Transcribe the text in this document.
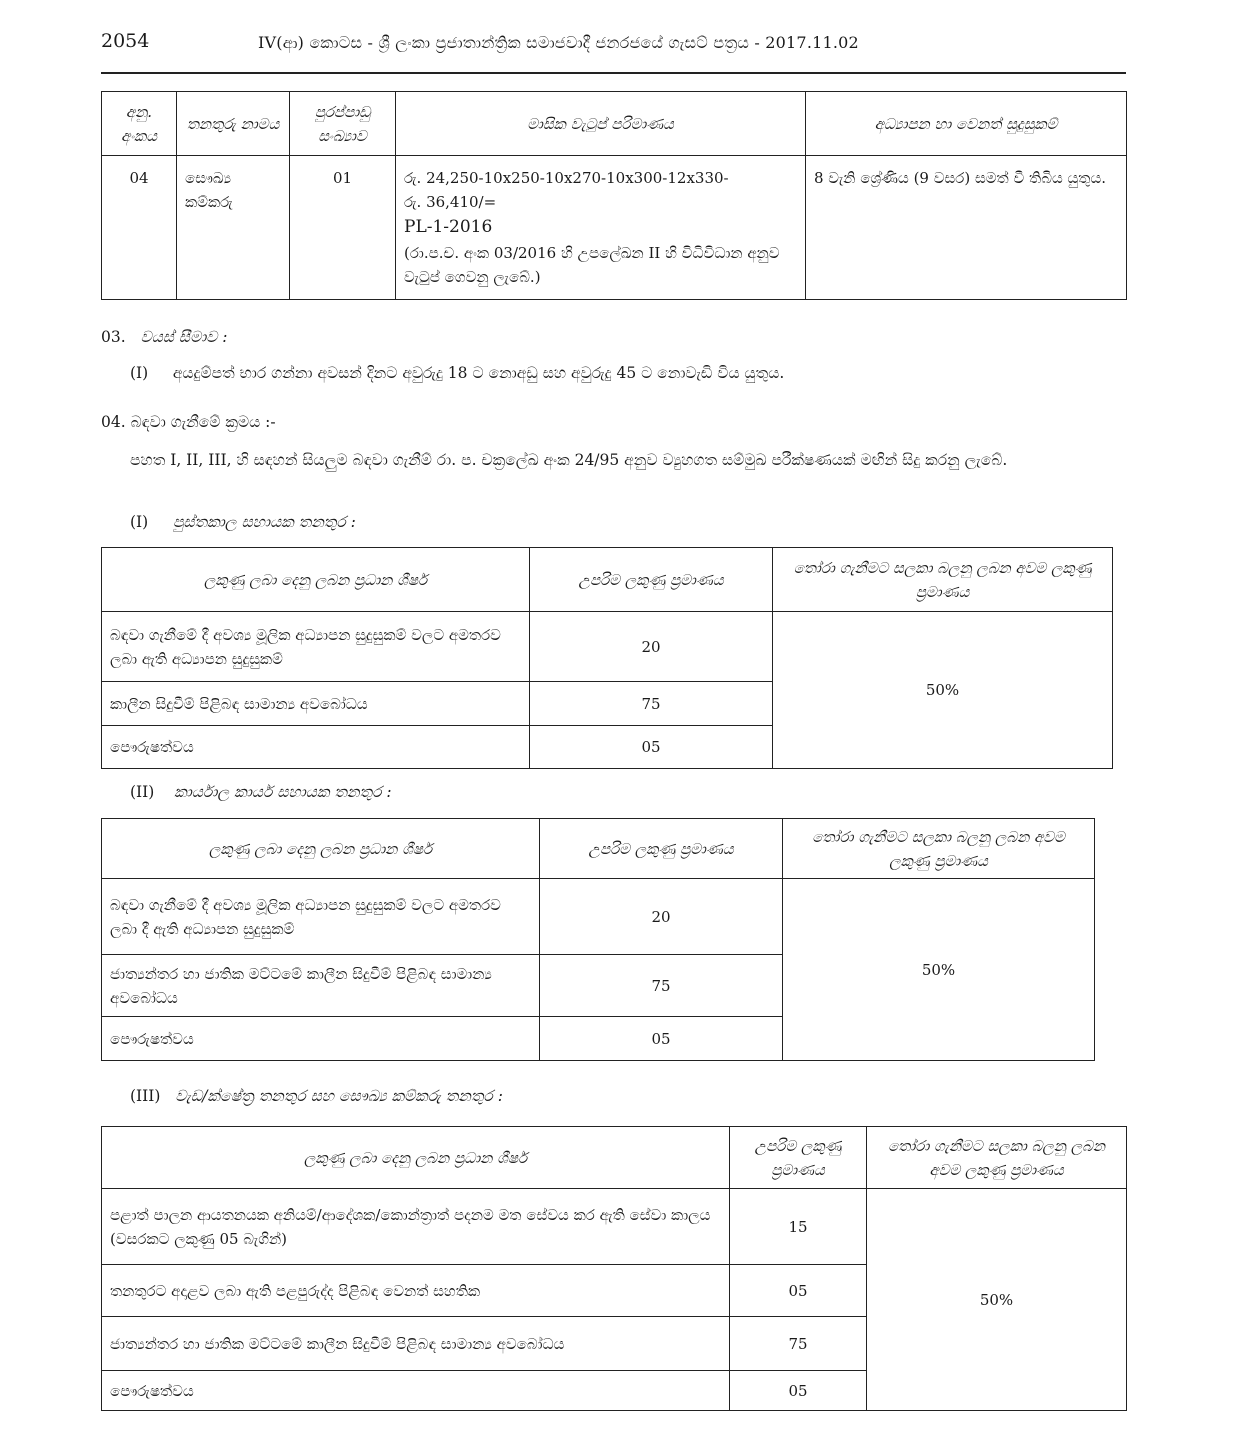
2054	IV(ආ) කොටස - ශ්‍රී ලංකා ප්‍රජාතාන්ත්‍රික සමාජවාදී ජනරජයේ ගැසට් පත්‍රය - 2017.11.02
අනු. අංකය	තනතුරු නාමය	පුරප්පාඩු සංඛ්‍යාව	මාසික වැටුප් පරිමාණය	අධ්‍යාපන හා වෙනත් සුදුසුකම්
04	සෞඛ්‍ය කම්කරු	01	රු. 24,250-10x250-10x270-10x300-12x330-
රු. 36,410/=
PL-1-2016
(රා.ප.ච. අංක 03/2016 හි උපලේඛන II හි විධිවිධාන අනුව වැටුප් ගෙවනු ලැබේ.)	8 වැනි ශ්‍රේණිය (9 වසර) සමත් වී තිබිය යුතුය.
03. වයස් සීමාව :
(I) අයදුම්පත් භාර ගන්නා අවසන් දිනට අවුරුදු 18 ට නොඅඩු සහ අවුරුදු 45 ට නොවැඩි විය යුතුය.
04. බඳවා ගැනීමේ ක්‍රමය :-
පහත I, II, III, හි සඳහන් සියලුම බඳවා ගැනීම් රා. ප. චක්‍රලේඛ අංක 24/95 අනුව ව්‍යුහගත සම්මුඛ පරීක්ෂණයක් මඟින් සිදු කරනු ලැබේ.
(I) පුස්තකාල සහායක තනතුර :
ලකුණු ලබා දෙනු ලබන ප්‍රධාන ශීර්ෂ	උපරිම ලකුණු ප්‍රමාණය	තෝරා ගැනීමට සලකා බලනු ලබන අවම ලකුණු ප්‍රමාණය
බඳවා ගැනීමේ දී අවශ්‍ය මූලික අධ්‍යාපන සුදුසුකම් වලට අමතරව ලබා ඇති අධ්‍යාපන සුදුසුකම්	20	50%
කාලීන සිදුවීම් පිළිබඳ සාමාන්‍ය අවබෝධය	75	
පෞරුෂත්වය	05	
(II) කාර්යාල කාර්ය සහායක තනතුර :
ලකුණු ලබා දෙනු ලබන ප්‍රධාන ශීර්ෂ	උපරිම ලකුණු ප්‍රමාණය	තෝරා ගැනීමට සලකා බලනු ලබන අවම ලකුණු ප්‍රමාණය
බඳවා ගැනීමේ දී අවශ්‍ය මූලික අධ්‍යාපන සුදුසුකම් වලට අමතරව ලබා දී ඇති අධ්‍යාපන සුදුසුකම්	20	50%
ජාත්‍යන්තර හා ජාතික මට්ටමේ කාලීන සිදුවීම් පිළිබඳ සාමාන්‍ය අවබෝධය	75	
පෞරුෂත්වය	05	
(III) වැඩ/ක්ෂේත්‍ර තනතුර සහ සෞඛ්‍ය කම්කරු තනතුර :
ලකුණු ලබා දෙනු ලබන ප්‍රධාන ශීර්ෂ	උපරිම ලකුණු ප්‍රමාණය	තෝරා ගැනීමට සලකා බලනු ලබන අවම ලකුණු ප්‍රමාණය
පළාත් පාලන ආයතනයක අනියම්/ආදේශක/කොන්ත්‍රාත් පදනම මත සේවය කර ඇති සේවා කාලය (වසරකට ලකුණු 05 බැගින්)	15	50%
තනතුරට අදාළව ලබා ඇති පළපුරුද්ද පිළිබඳ වෙනත් සහතික	05	
ජාත්‍යන්තර හා ජාතික මට්ටමේ කාලීන සිදුවීම් පිළිබඳ සාමාන්‍ය අවබෝධය	75	
පෞරුෂත්වය	05	
